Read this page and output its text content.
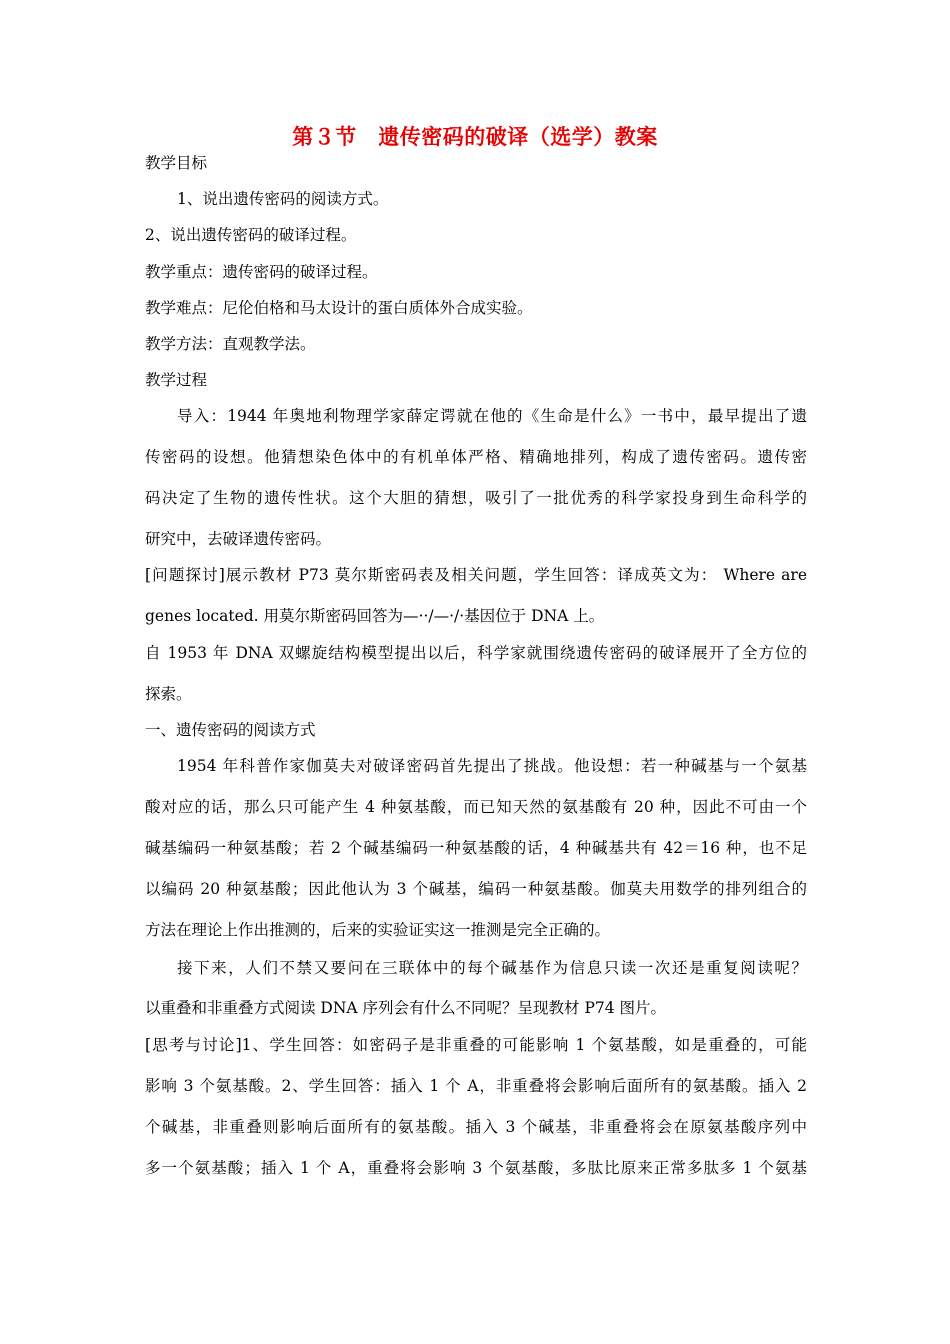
第３节　遗传密码的破译（选学）教案
教学目标
1、说出遗传密码的阅读方式。
2、说出遗传密码的破译过程。
教学重点：遗传密码的破译过程。
教学难点：尼伦伯格和马太设计的蛋白质体外合成实验。
教学方法：直观教学法。
教学过程
导入：1944 年奥地利物理学家薛定谔就在他的《生命是什么》一书中，最早提出了遗
传密码的设想。他猜想染色体中的有机单体严格、精确地排列，构成了遗传密码。遗传密
码决定了生物的遗传性状。这个大胆的猜想，吸引了一批优秀的科学家投身到生命科学的
研究中，去破译遗传密码。
[问题探讨]展示教材 P73 莫尔斯密码表及相关问题，学生回答：译成英文为： Where are
genes located. 用莫尔斯密码回答为—··/—·/·基因位于 DNA 上。
自 1953 年 DNA 双螺旋结构模型提出以后，科学家就围绕遗传密码的破译展开了全方位的
探索。
一、遗传密码的阅读方式
1954 年科普作家伽莫夫对破译密码首先提出了挑战。他设想：若一种碱基与一个氨基
酸对应的话，那么只可能产生 4 种氨基酸，而已知天然的氨基酸有 20 种，因此不可由一个
碱基编码一种氨基酸；若 2 个碱基编码一种氨基酸的话，4 种碱基共有 42＝16 种，也不足
以编码 20 种氨基酸；因此他认为 3 个碱基，编码一种氨基酸。伽莫夫用数学的排列组合的
方法在理论上作出推测的，后来的实验证实这一推测是完全正确的。
接下来，人们不禁又要问在三联体中的每个碱基作为信息只读一次还是重复阅读呢？
以重叠和非重叠方式阅读 DNA 序列会有什么不同呢？呈现教材 P74 图片。
[思考与讨论]1、学生回答：如密码子是非重叠的可能影响 1 个氨基酸，如是重叠的，可能
影响 3 个氨基酸。2、学生回答：插入 1 个 A，非重叠将会影响后面所有的氨基酸。插入 2
个碱基，非重叠则影响后面所有的氨基酸。插入 3 个碱基，非重叠将会在原氨基酸序列中
多一个氨基酸；插入 1 个 A，重叠将会影响 3 个氨基酸，多肽比原来正常多肽多 1 个氨基
